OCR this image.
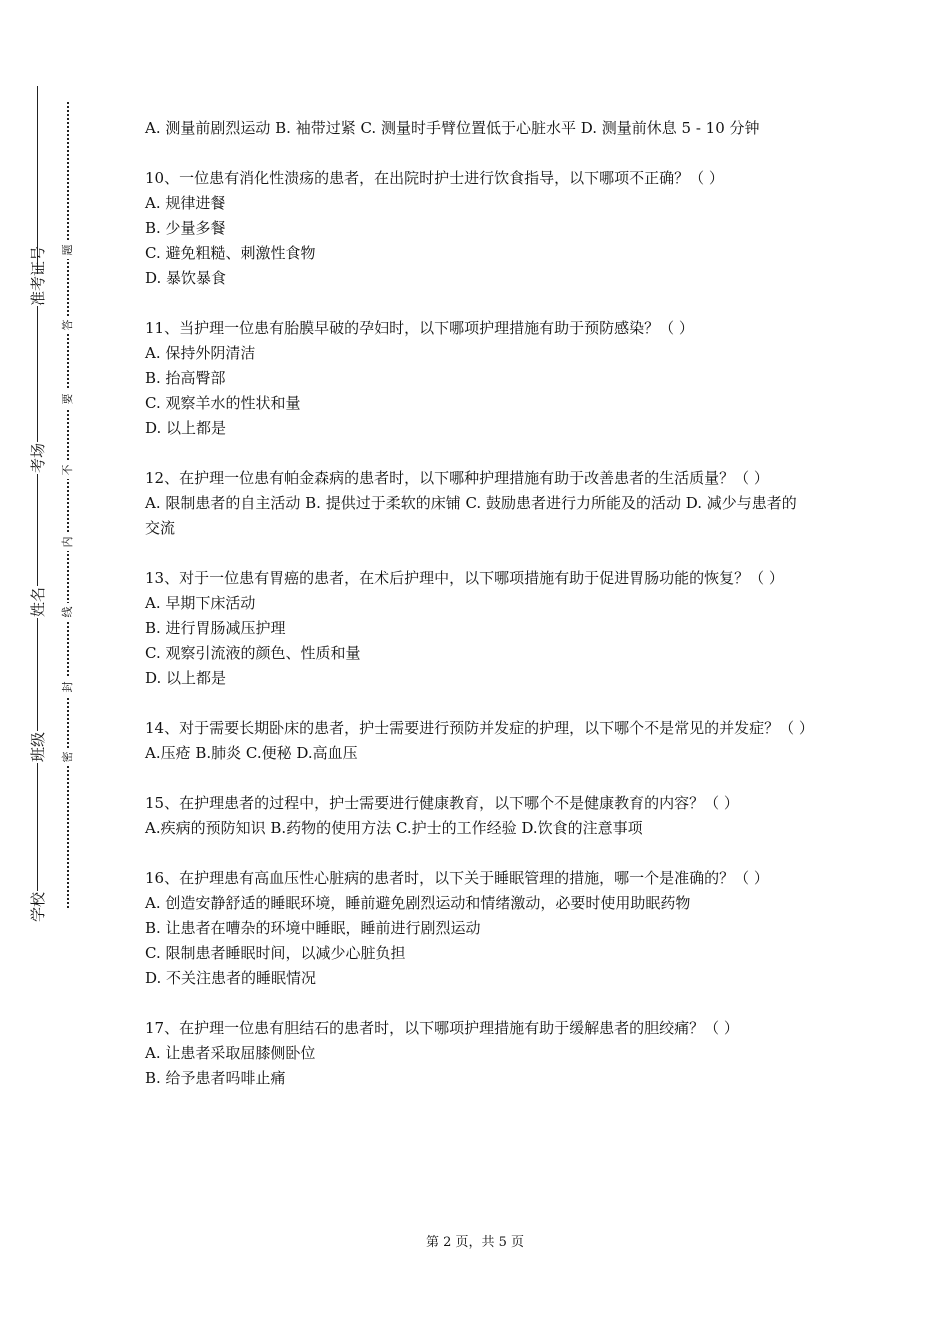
准考证号
考场
姓名
班级
学校
题
答
要
不
内
线
封
密

A. 测量前剧烈运动 B. 袖带过紧 C. 测量时手臂位置低于心脏水平 D. 测量前休息 5 - 10 分钟

10、一位患有消化性溃疡的患者，在出院时护士进行饮食指导，以下哪项不正确？（ ）

A. 规律进餐

B. 少量多餐

C. 避免粗糙、刺激性食物

D. 暴饮暴食

11、当护理一位患有胎膜早破的孕妇时，以下哪项护理措施有助于预防感染？（ ）

A. 保持外阴清洁

B. 抬高臀部

C. 观察羊水的性状和量

D. 以上都是

12、在护理一位患有帕金森病的患者时，以下哪种护理措施有助于改善患者的生活质量？（ ）

A. 限制患者的自主活动 B. 提供过于柔软的床铺 C. 鼓励患者进行力所能及的活动 D. 减少与患者的交流

13、对于一位患有胃癌的患者，在术后护理中，以下哪项措施有助于促进胃肠功能的恢复？（ ）

A. 早期下床活动

B. 进行胃肠减压护理

C. 观察引流液的颜色、性质和量

D. 以上都是

14、对于需要长期卧床的患者，护士需要进行预防并发症的护理，以下哪个不是常见的并发症？（ ）

A.压疮 B.肺炎 C.便秘 D.高血压

15、在护理患者的过程中，护士需要进行健康教育，以下哪个不是健康教育的内容？（ ）

A.疾病的预防知识 B.药物的使用方法 C.护士的工作经验 D.饮食的注意事项

16、在护理患有高血压性心脏病的患者时，以下关于睡眠管理的措施，哪一个是准确的？（ ）

A. 创造安静舒适的睡眠环境，睡前避免剧烈运动和情绪激动，必要时使用助眠药物

B. 让患者在嘈杂的环境中睡眠，睡前进行剧烈运动

C. 限制患者睡眠时间，以减少心脏负担

D. 不关注患者的睡眠情况

17、在护理一位患有胆结石的患者时，以下哪项护理措施有助于缓解患者的胆绞痛？（ ）

A. 让患者采取屈膝侧卧位

B. 给予患者吗啡止痛

第 2 页，共 5 页
